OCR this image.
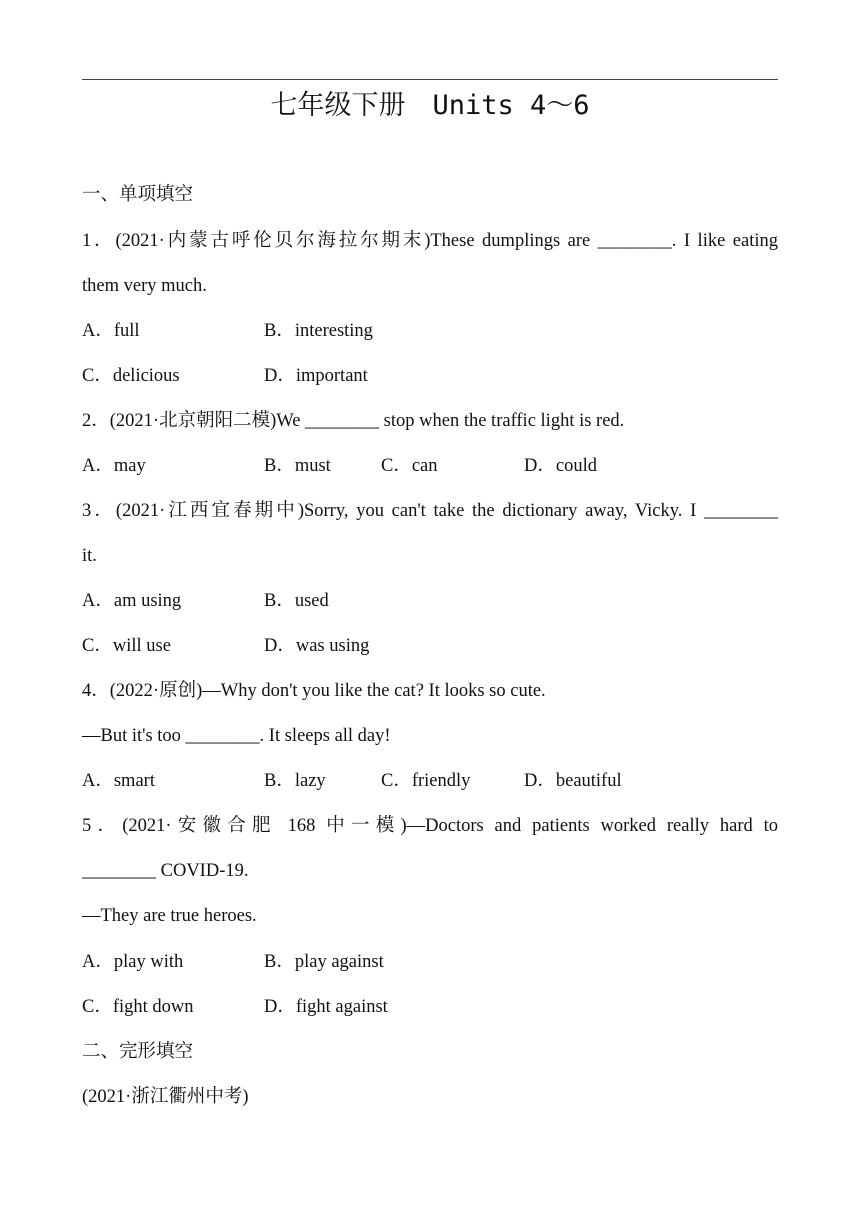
七年级下册　Units 4～6
一、单项填空
1．(2021·内蒙古呼伦贝尔海拉尔期末)These dumplings are ________. I like eating
them very much.
A．full	B．interesting
C．delicious	D．important
2．(2021·北京朝阳二模)We ________ stop when the traffic light is red.
A．may	B．must	C．can	D．could
3．(2021·江西宜春期中)Sorry, you can't take the dictionary away, Vicky. I ________
it.
A．am using	B．used
C．will use	D．was using
4．(2022·原创)—Why don't you like the cat? It looks so cute.
—But it's too ________. It sleeps all day!
A．smart	B．lazy	C．friendly	D．beautiful
5．(2021·安徽合肥 168 中一模)—Doctors and patients worked really hard to
________ COVID-19.
—They are true heroes.
A．play with	B．play against
C．fight down	D．fight against
二、完形填空
(2021·浙江衢州中考)
